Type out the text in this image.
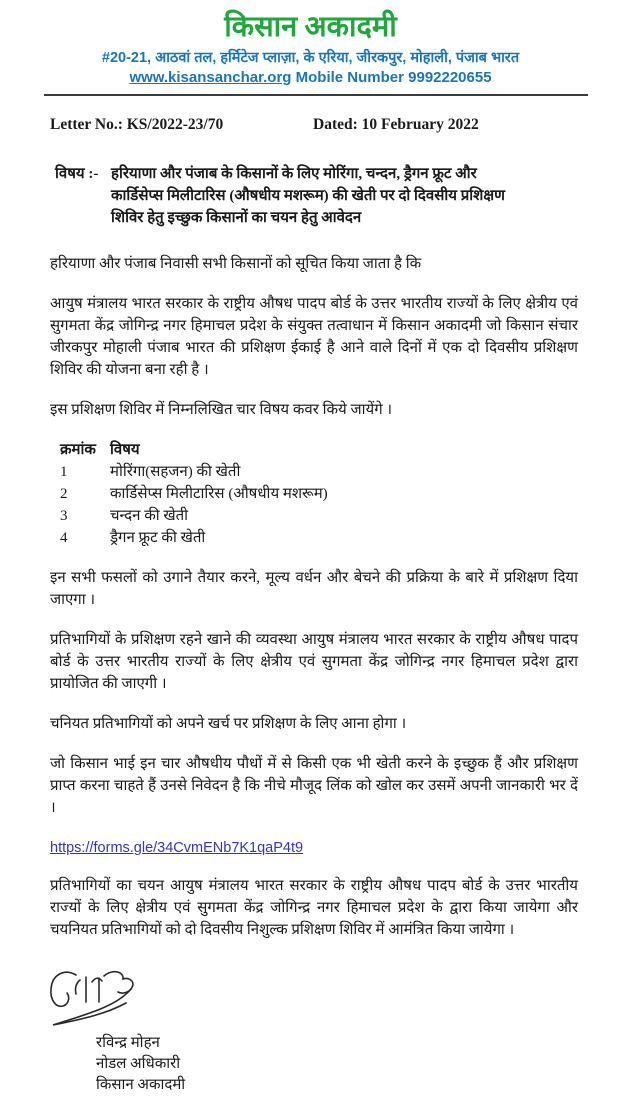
किसान अकादमी
#20-21, आठवां तल, हर्मिटेज प्लाज़ा, के एरिया, जीरकपुर, मोहाली, पंजाब भारत
www.kisansanchar.org Mobile Number 9992220655
Letter No.: KS/2022-23/70	Dated: 10 February 2022
विषय :- हरियाणा और पंजाब के किसानों के लिए मोरिंगा, चन्दन, ड्रैगन फ्रूट और
कार्डिसेप्स मिलीटारिस (औषधीय मशरूम) की खेती पर दो दिवसीय प्रशिक्षण
शिविर हेतु इच्छुक किसानों का चयन हेतु आवेदन

हरियाणा और पंजाब निवासी सभी किसानों को सूचित किया जाता है कि

आयुष मंत्रालय भारत सरकार के राष्ट्रीय औषध पादप बोर्ड के उत्तर भारतीय राज्यों के लिए क्षेत्रीय एवं सुगमता केंद्र जोगिन्द्र नगर हिमाचल प्रदेश के संयुक्त तत्वाधान में किसान अकादमी जो किसान संचार जीरकपुर मोहाली पंजाब भारत की प्रशिक्षण ईकाई है आने वाले दिनों में एक दो दिवसीय प्रशिक्षण शिविर की योजना बना रही है ।

इस प्रशिक्षण शिविर में निम्नलिखित चार विषय कवर किये जायेंगे ।

क्रमांक विषय
1	मोरिंगा(सहजन) की खेती
2	कार्डिसेप्स मिलीटारिस (औषधीय मशरूम)
3	चन्दन की खेती
4	ड्रैगन फ्रूट की खेती

इन सभी फसलों को उगाने तैयार करने, मूल्य वर्धन और बेचने की प्रक्रिया के बारे में प्रशिक्षण दिया जाएगा ।

प्रतिभागियों के प्रशिक्षण रहने खाने की व्यवस्था आयुष मंत्रालय भारत सरकार के राष्ट्रीय औषध पादप बोर्ड के उत्तर भारतीय राज्यों के लिए क्षेत्रीय एवं सुगमता केंद्र जोगिन्द्र नगर हिमाचल प्रदेश द्वारा प्रायोजित की जाएगी ।

चनियत प्रतिभागियों को अपने खर्च पर प्रशिक्षण के लिए आना होगा ।

जो किसान भाई इन चार औषधीय पौधों में से किसी एक भी खेती करने के इच्छुक हैं और प्रशिक्षण प्राप्त करना चाहते हैं उनसे निवेदन है कि नीचे मौजूद लिंक को खोल कर उसमें अपनी जानकारी भर दें ।

https://forms.gle/34CvmENb7K1qaP4t9

प्रतिभागियों का चयन आयुष मंत्रालय भारत सरकार के राष्ट्रीय औषध पादप बोर्ड के उत्तर भारतीय राज्यों के लिए क्षेत्रीय एवं सुगमता केंद्र जोगिन्द्र नगर हिमाचल प्रदेश के द्वारा किया जायेगा और चयनियत प्रतिभागियों को दो दिवसीय निशुल्क प्रशिक्षण शिविर में आमंत्रित किया जायेगा ।

रविन्द्र मोहन
नोडल अधिकारी
किसान अकादमी
